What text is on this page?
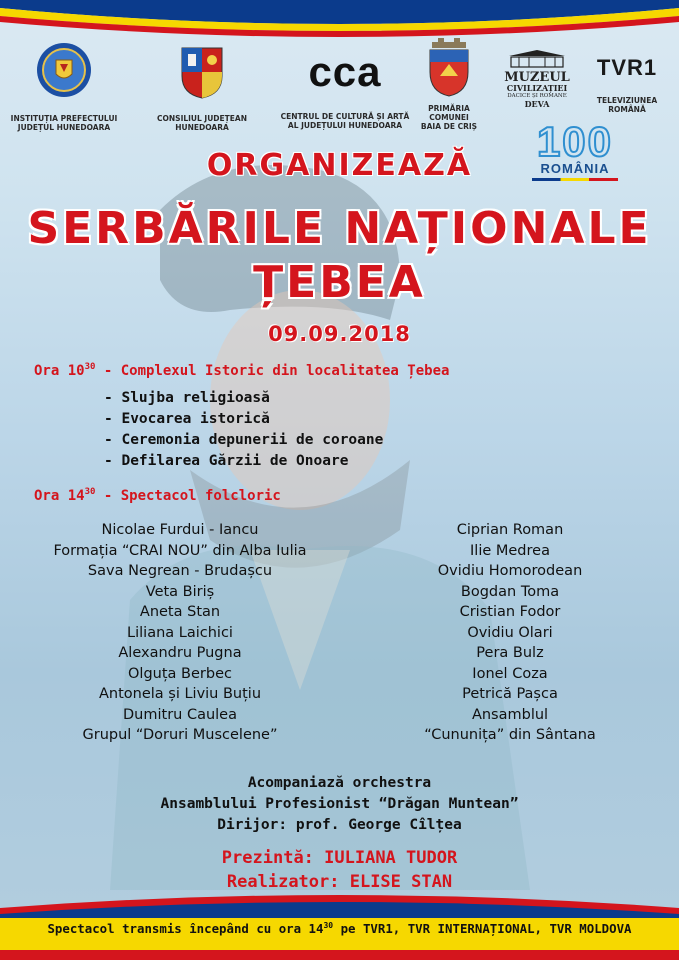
INSTITUȚIA PREFECTULUI
JUDEȚUL HUNEDOARA
CONSILIUL JUDEȚEAN
HUNEDOARA
cca
CENTRUL DE CULTURĂ ȘI ARTĂ
AL JUDEȚULUI HUNEDOARA
PRIMĂRIA
COMUNEI
BAIA DE CRIȘ
MUZEUL
CIVILIZAȚIEI
DACICE ȘI ROMANE
DEVA
TVR1
TELEVIZIUNEA
ROMÂNĂ
100
ROMÂNIA
ORGANIZEAZĂ
SERBĂRILE NAȚIONALE
ȚEBEA
09.09.2018
Ora $10^{30}$ - Complexul Istoric din localitatea Țebea
- Slujba religioasă
- Evocarea istorică
- Ceremonia depunerii de coroane
- Defilarea Gărzii de Onoare
Ora $14^{30}$ - Spectacol folcloric
Nicolae Furdui - Iancu
Formația “CRAI NOU” din Alba Iulia
Sava Negrean - Brudașcu
Veta Biriș
Aneta Stan
Liliana Laichici
Alexandru Pugna
Olguța Berbec
Antonela și Liviu Buțiu
Dumitru Caulea
Grupul “Doruri Muscelene”
Ciprian Roman
Ilie Medrea
Ovidiu Homorodean
Bogdan Toma
Cristian Fodor
Ovidiu Olari
Pera Bulz
Ionel Coza
Petrică Pașca
Ansamblul
“Cununița” din Sântana
Acompaniază orchestra
Ansamblului Profesionist “Drăgan Muntean”
Dirijor: prof. George Cîlțea
Prezintă: IULIANA TUDOR
Realizator: ELISE STAN
Spectacol transmis începând cu ora $14^{30}$ pe TVR1, TVR INTERNAȚIONAL, TVR MOLDOVA
